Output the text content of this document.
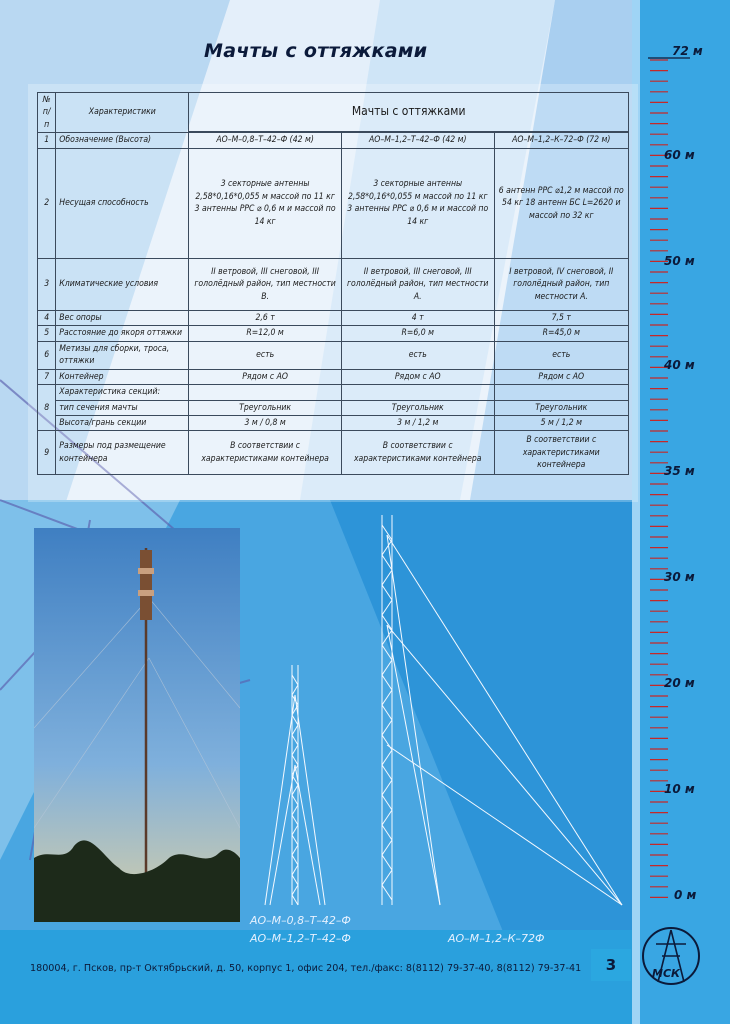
72 м
60 м
50 м
40 м
35 м
30 м
20 м
10 м
0 м
Мачты с оттяжками
№ п/п	Характеристики	Мачты с оттяжками		

1	Обозначение (Высота)	АО–М–0,8–Т–42–Ф (42 м)	АО–М–1,2–Т–42–Ф (42 м)	АО–М–1,2–К–72–Ф (72 м)
2	Несущая способность	3 секторные антенны 2,58*0,16*0,055 м массой по 11 кг 3 антенны РРС ⌀ 0,6 м и массой по 14 кг	3 секторные антенны 2,58*0,16*0,055 м массой по 11 кг 3 антенны РРС ⌀ 0,6 м и массой по 14 кг	6 антенн РРС ⌀1,2 м массой по 54 кг 18 антенн БС L=2620 и массой по 32 кг
3	Климатические условия	II ветровой, III снеговой, III гололёдный район, тип местности В.	II ветровой, III снеговой, III гололёдный район, тип местности А.	I ветровой, IV снеговой, II гололёдный район, тип местности А.
4	Вес опоры	2,6 т	4 т	7,5 т
5	Расстояние до якоря оттяжки	R=12,0 м	R=6,0 м	R=45,0 м
6	Метизы для сборки, троса, оттяжки	есть	есть	есть
7	Контейнер	Рядом с АО	Рядом с АО	Рядом с АО
8	Характеристика секций:			
	тип сечения мачты	Треугольник	Треугольник	Треугольник
	Высота/грань секции	3 м / 0,8 м	3 м / 1,2 м	5 м / 1,2 м
9	Размеры под размещение контейнера	В соответствии с характеристиками контейнера	В соответствии с характеристиками контейнера	В соответствии с характеристиками контейнера
АО–М–0,8–Т–42–Ф
АО–М–1,2–Т–42–Ф	АО–М–1,2–К–72Ф
180004, г. Псков, пр-т Октябрьский, д. 50, корпус 1, офис 204, тел./факс: 8(8112) 79-37-40, 8(8112) 79-37-41	3	МСК
